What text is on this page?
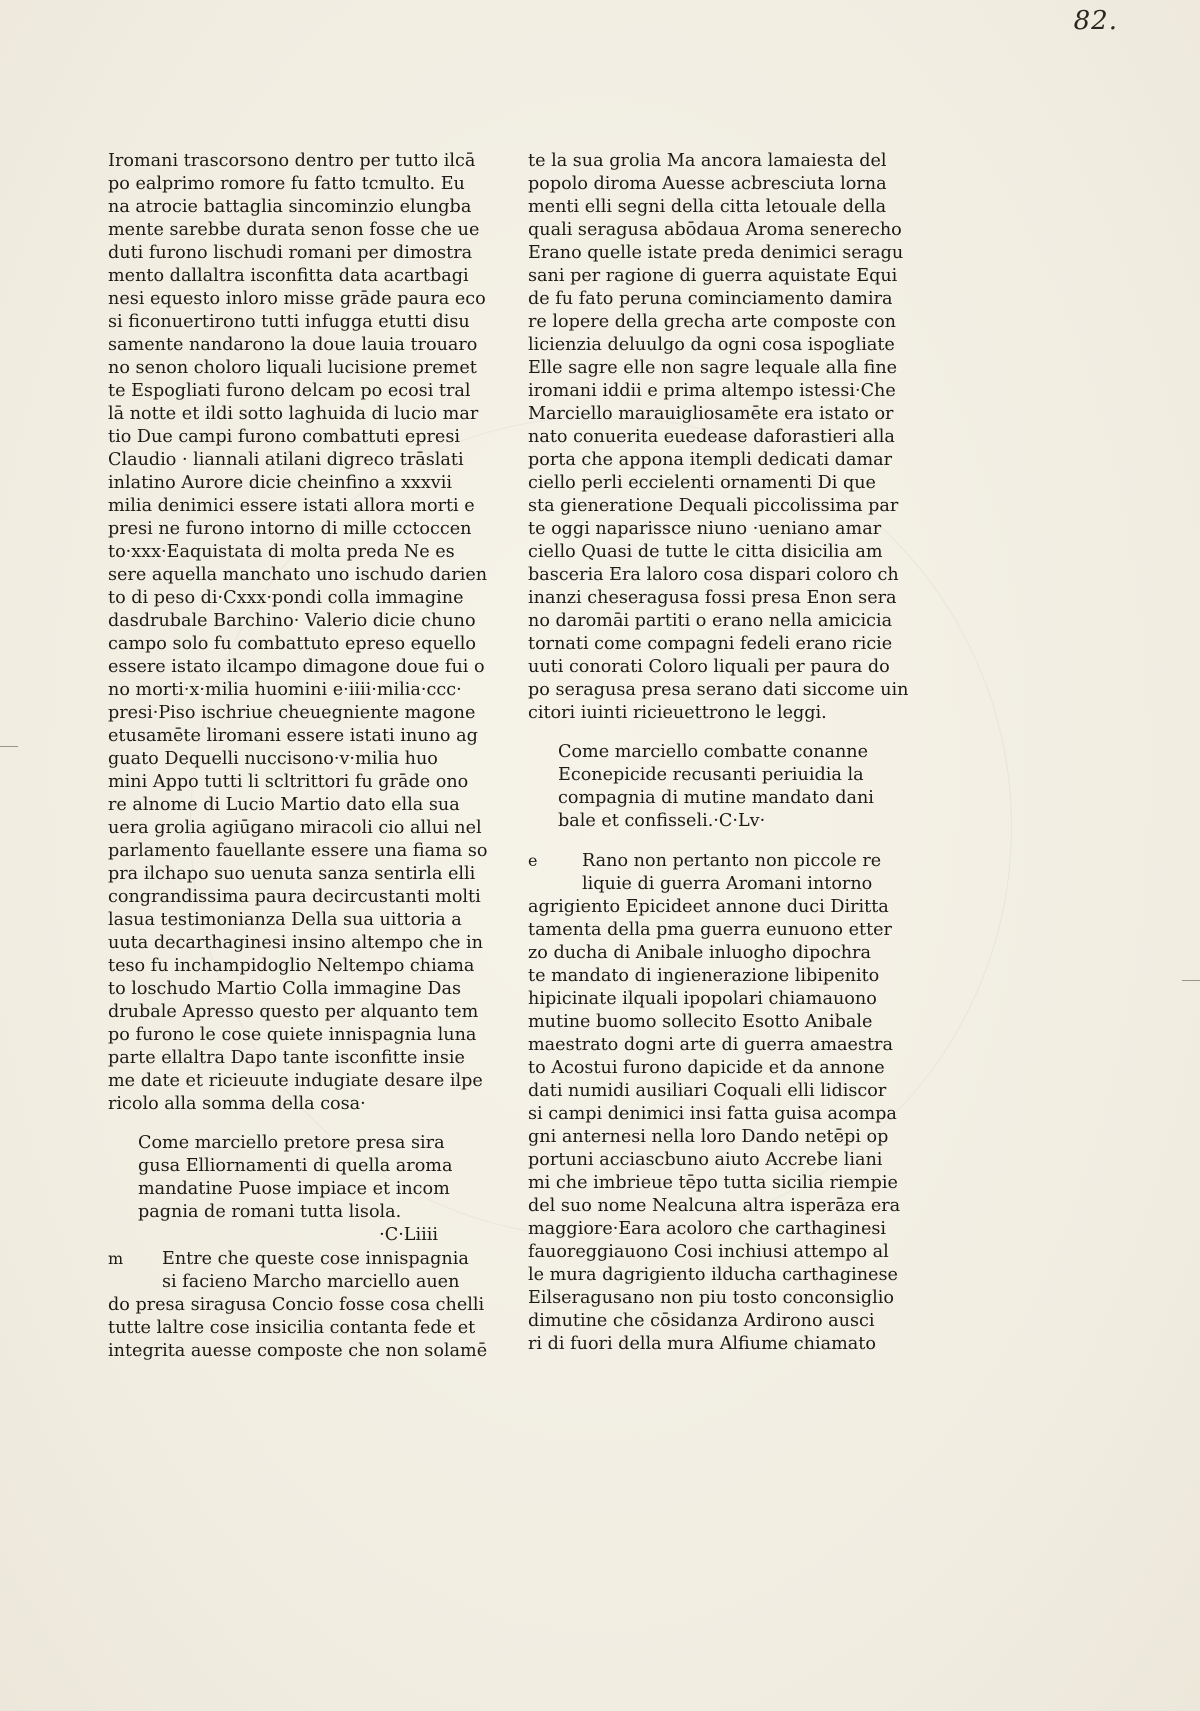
82.
Iromani trascorsono dentro per tutto ilcā
po ealprimo romore fu fatto tcmulto. Eu
na atrocie battaglia sincominzio elungba
mente sarebbe durata senon fosse che ue
duti furono lischudi romani per dimostra
mento dallaltra isconfitta data acartbagi
nesi equesto inloro misse grāde paura eco
si ficonuertirono tutti infugga etutti disu
samente nandarono la doue lauia trouaro
no senon choloro liquali lucisione premet
te Espogliati furono delcam po ecosi tral
lā notte et ildi sotto laghuida di lucio mar
tio Due campi furono combattuti epresi
Claudio · liannali atilani digreco trāslati
inlatino Aurore dicie cheinfino a xxxvii
milia denimici essere istati allora morti e
presi ne furono intorno di mille cctoccen
to·xxx·Eaquistata di molta preda Ne es
sere aquella manchato uno ischudo darien
to di peso di·Cxxx·pondi colla immagine
dasdrubale Barchino· Valerio dicie chuno
campo solo fu combattuto epreso equello
essere istato ilcampo dimagone doue fui o
no morti·x·milia huomini e·iiii·milia·ccc·
presi·Piso ischriue cheuegniente magone
etusamēte liromani essere istati inuno ag
guato Dequelli nuccisono·v·milia huo
mini Appo tutti li scltrittori fu grāde ono
re alnome di Lucio Martio dato ella sua
uera grolia agiūgano miracoli cio allui nel
parlamento fauellante essere una fiama so
pra ilchapo suo uenuta sanza sentirla elli
congrandissima paura decircustanti molti
lasua testimonianza Della sua uittoria a
uuta decarthaginesi insino altempo che in
teso fu inchampidoglio Neltempo chiama
to loschudo Martio Colla immagine Das
drubale Apresso questo per alquanto tem
po furono le cose quiete innispagnia luna
parte ellaltra Dapo tante isconfitte insie
me date et ricieuute indugiate desare ilpe
ricolo alla somma della cosa·
Come marciello pretore presa sira
gusa Elliornamenti di quella aroma
mandatine Puose impiace et incom
pagnia de romani tutta lisola.
·C·Liiii
m Entre che queste cose innispagnia
si facieno Marcho marciello auen
do presa siragusa Concio fosse cosa chelli
tutte laltre cose insicilia contanta fede et
integrita auesse composte che non solamē
te la sua grolia Ma ancora lamaiesta del
popolo diroma Auesse acbresciuta lorna
menti elli segni della citta letouale della
quali seragusa abōdaua Aroma senerecho
Erano quelle istate preda denimici seragu
sani per ragione di guerra aquistate Equi
de fu fato peruna cominciamento damira
re lopere della grecha arte composte con
licienzia deluulgo da ogni cosa ispogliate
Elle sagre elle non sagre lequale alla fine
iromani iddii e prima altempo istessi·Che
Marciello marauigliosamēte era istato or
nato conuerita euedease daforastieri alla
porta che appona itempli dedicati damar
ciello perli eccielenti ornamenti Di que
sta gieneratione Dequali piccolissima par
te oggi naparissce niuno ·ueniano amar
ciello Quasi de tutte le citta disicilia am
basceria Era laloro cosa dispari coloro ch
inanzi cheseragusa fossi presa Enon sera
no daromāi partiti o erano nella amicicia
tornati come compagni fedeli erano ricie
uuti conorati Coloro liquali per paura do
po seragusa presa serano dati siccome uin
citori iuinti ricieuettrono le leggi.
Come marciello combatte conanne
Econepicide recusanti periuidia la
compagnia di mutine mandato dani
bale et confisseli.·C·Lv·
e	Rano non pertanto non piccole re
liquie di guerra Aromani intorno
agrigiento Epicideet annone duci Diritta
tamenta della pma guerra eunuono etter
zo ducha di Anibale inluogho dipochra
te mandato di ingienerazione libipenito
hipicinate ilquali ipopolari chiamauono
mutine buomo sollecito Esotto Anibale
maestrato dogni arte di guerra amaestra
to Acostui furono dapicide et da annone
dati numidi ausiliari Coquali elli lidiscor
si campi denimici insi fatta guisa acompa
gni anternesi nella loro Dando netēpi op
portuni acciascbuno aiuto Accrebe liani
mi che imbrieue tēpo tutta sicilia riempie
del suo nome Nealcuna altra isperāza era
maggiore·Eara acoloro che carthaginesi
fauoreggiauono Cosi inchiusi attempo al
le mura dagrigiento ilducha carthaginese
Eilseragusano non piu tosto conconsiglio
dimutine che cōsidanza Ardirono ausci
ri di fuori della mura Alfiume chiamato
